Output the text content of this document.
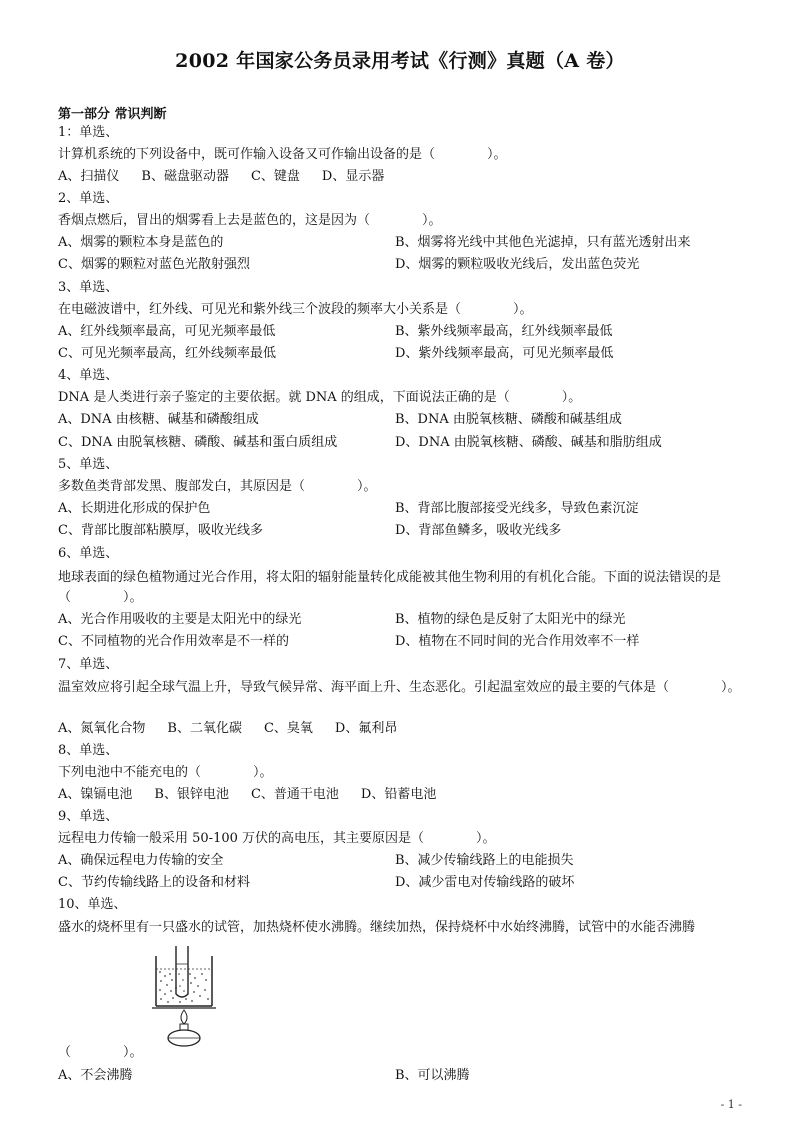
2002 年国家公务员录用考试《行测》真题（A 卷）
第一部分 常识判断
1：单选、
计算机系统的下列设备中，既可作输入设备又可作输出设备的是（　　　　）。
A、扫描仪 B、磁盘驱动器 C、键盘 D、显示器
2、单选、
香烟点燃后，冒出的烟雾看上去是蓝色的，这是因为（　　　　）。
A、烟雾的颗粒本身是蓝色的	B、烟雾将光线中其他色光滤掉，只有蓝光透射出来
C、烟雾的颗粒对蓝色光散射强烈	D、烟雾的颗粒吸收光线后，发出蓝色荧光
3、单选、
在电磁波谱中，红外线、可见光和紫外线三个波段的频率大小关系是（　　　　）。
A、红外线频率最高，可见光频率最低	B、紫外线频率最高，红外线频率最低
C、可见光频率最高，红外线频率最低	D、紫外线频率最高，可见光频率最低
4、单选、
DNA 是人类进行亲子鉴定的主要依据。就 DNA 的组成，下面说法正确的是（　　　　）。
A、DNA 由核糖、碱基和磷酸组成	B、DNA 由脱氧核糖、磷酸和碱基组成
C、DNA 由脱氧核糖、磷酸、碱基和蛋白质组成	D、DNA 由脱氧核糖、磷酸、碱基和脂肪组成
5、单选、
多数鱼类背部发黑、腹部发白，其原因是（　　　　）。
A、长期进化形成的保护色	B、背部比腹部接受光线多，导致色素沉淀
C、背部比腹部粘膜厚，吸收光线多	D、背部鱼鳞多，吸收光线多
6、单选、
地球表面的绿色植物通过光合作用，将太阳的辐射能量转化成能被其他生物利用的有机化合能。下面的说法错误的是（　　　　）。
A、光合作用吸收的主要是太阳光中的绿光	B、植物的绿色是反射了太阳光中的绿光
C、不同植物的光合作用效率是不一样的	D、植物在不同时间的光合作用效率不一样
7、单选、
温室效应将引起全球气温上升，导致气候异常、海平面上升、生态恶化。引起温室效应的最主要的气体是（　　　　）。
A、氮氧化合物 B、二氧化碳 C、臭氧 D、氟利昂
8、单选、
下列电池中不能充电的（　　　　）。
A、镍镉电池 B、银锌电池 C、普通干电池 D、铅蓄电池
9、单选、
远程电力传输一般采用 50-100 万伏的高电压，其主要原因是（　　　　）。
A、确保远程电力传输的安全	B、减少传输线路上的电能损失
C、节约传输线路上的设备和材料	D、减少雷电对传输线路的破坏
10、单选、
盛水的烧杯里有一只盛水的试管，加热烧杯使水沸腾。继续加热，保持烧杯中水始终沸腾，试管中的水能否沸腾
（　　　　）。
A、不会沸腾	B、可以沸腾
- 1 -
